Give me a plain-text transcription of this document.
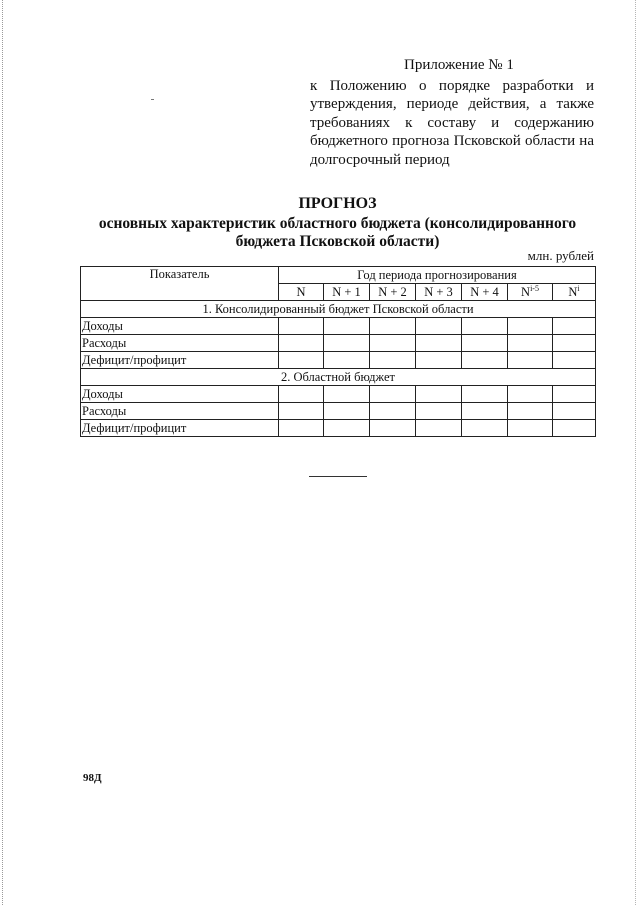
Приложение № 1
к Положению о порядке разработки и утверждения, периоде действия, а также требованиях к составу и содержанию бюджетного прогноза Псковской области на долгосрочный период
ПРОГНОЗ
основных характеристик областного бюджета (консолидированного бюджета Псковской области)
млн. рублей
Показатель	Год периода прогнозирования						
	N	N + 1	N + 2	N + 3	N + 4	$N^{i-5}$	$N^i$
1. Консолидированный бюджет Псковской области							
Доходы							
Расходы							
Дефицит/профицит							
2. Областной бюджет							
Доходы							
Расходы							
Дефицит/профицит							
98Д
